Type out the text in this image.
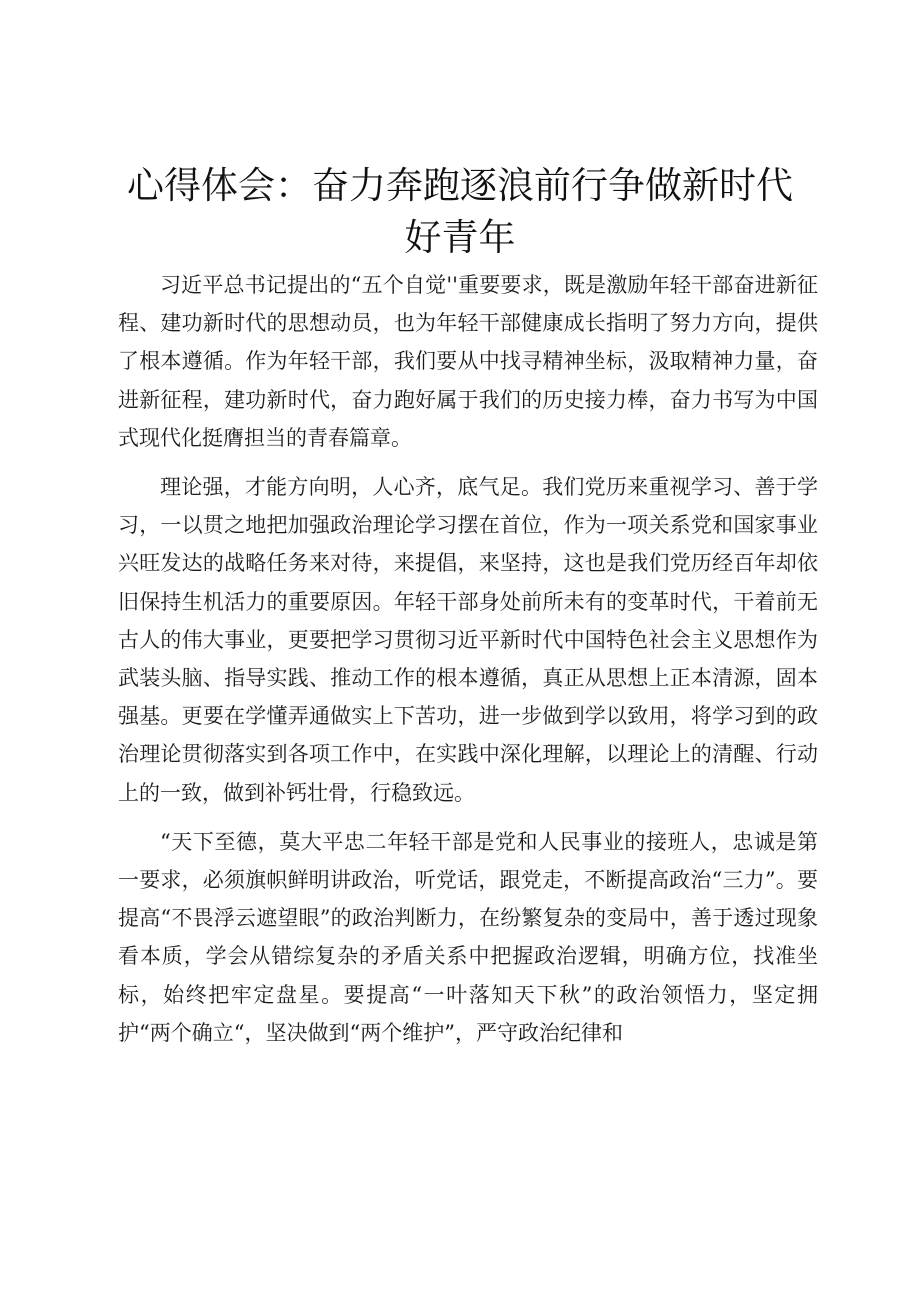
心得体会：奋力奔跑逐浪前行争做新时代好青年

习近平总书记提出的“五个自觉''重要要求，既是激励年轻干部奋进新征程、建功新时代的思想动员，也为年轻干部健康成长指明了努力方向，提供了根本遵循。作为年轻干部，我们要从中找寻精神坐标，汲取精神力量，奋进新征程，建功新时代，奋力跑好属于我们的历史接力棒，奋力书写为中国式现代化挺膺担当的青春篇章。

理论强，才能方向明，人心齐，底气足。我们党历来重视学习、善于学习，一以贯之地把加强政治理论学习摆在首位，作为一项关系党和国家事业兴旺发达的战略任务来对待，来提倡，来坚持，这也是我们党历经百年却依旧保持生机活力的重要原因。年轻干部身处前所未有的变革时代，干着前无古人的伟大事业，更要把学习贯彻习近平新时代中国特色社会主义思想作为武装头脑、指导实践、推动工作的根本遵循，真正从思想上正本清源，固本强基。更要在学懂弄通做实上下苦功，进一步做到学以致用，将学习到的政治理论贯彻落实到各项工作中，在实践中深化理解，以理论上的清醒、行动上的一致，做到补钙壮骨，行稳致远。

“天下至德，莫大平忠二年轻干部是党和人民事业的接班人，忠诚是第一要求，必须旗帜鲜明讲政治，听党话，跟党走，不断提高政治“三力”。要提高“不畏浮云遮望眼”的政治判断力，在纷繁复杂的变局中，善于透过现象看本质，学会从错综复杂的矛盾关系中把握政治逻辑，明确方位，找准坐标，始终把牢定盘星。要提高“一叶落知天下秋”的政治领悟力，坚定拥护“两个确立“，坚决做到“两个维护”，严守政治纪律和
